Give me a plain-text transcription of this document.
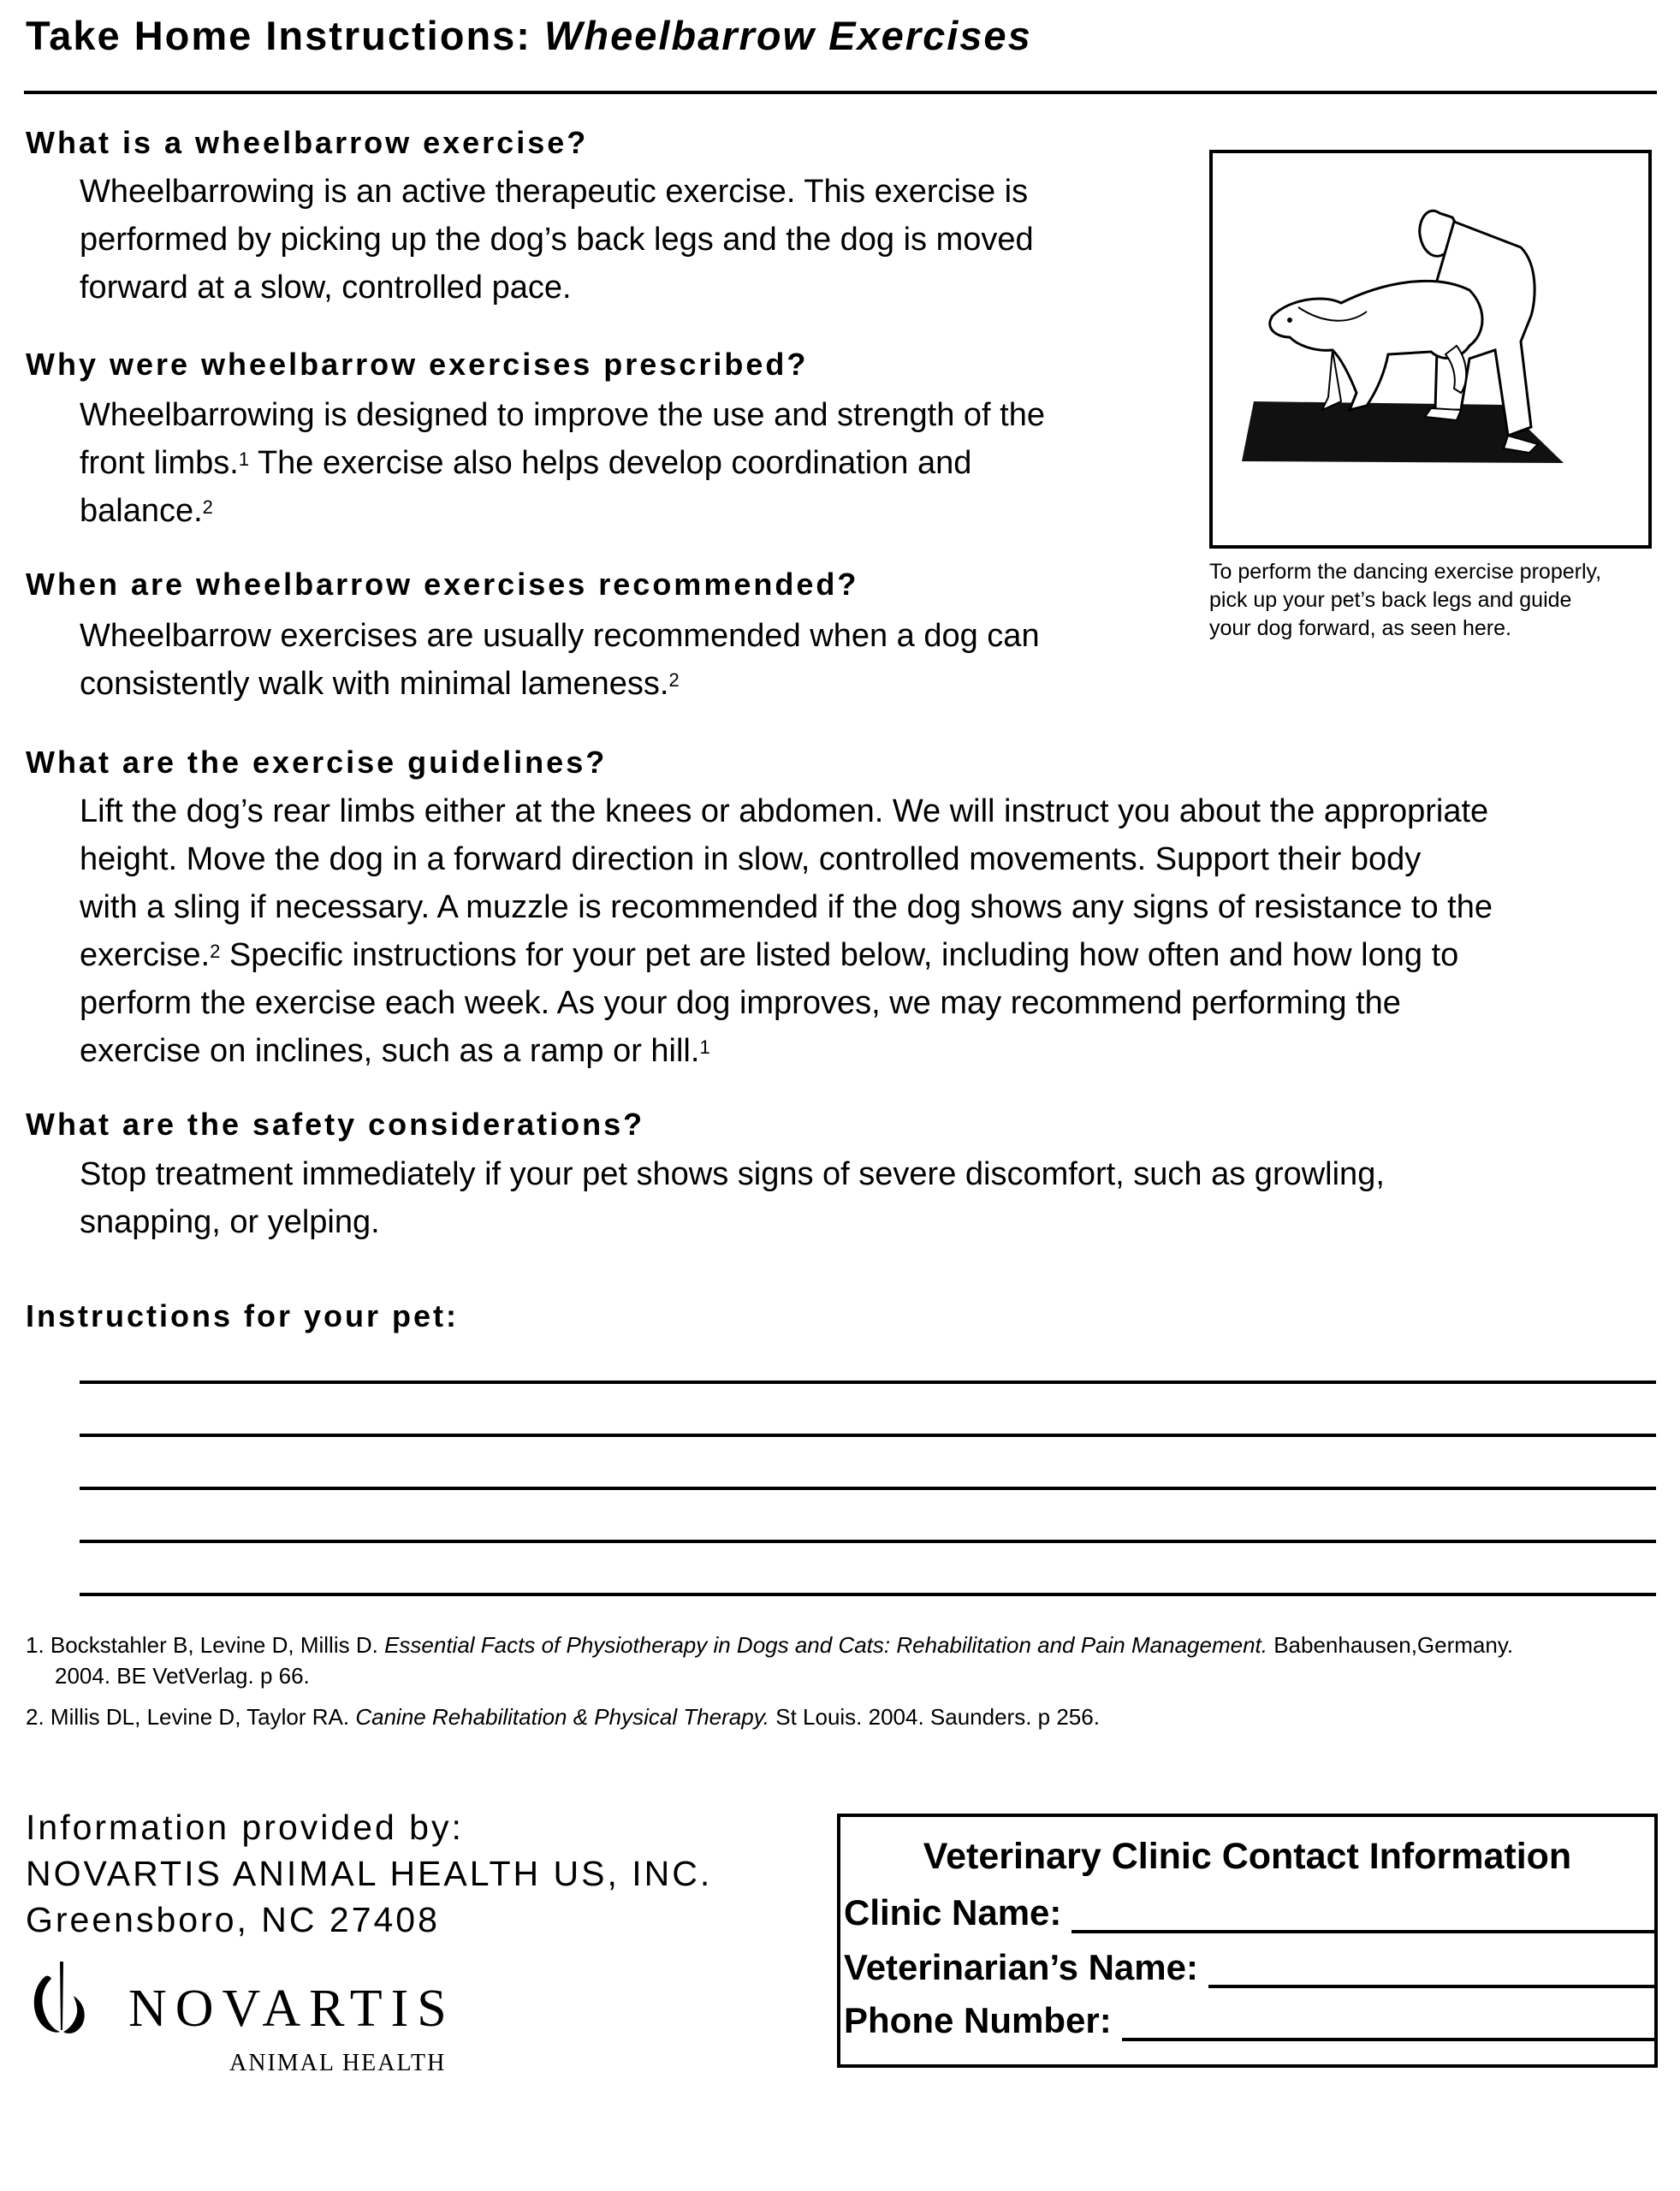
Take Home Instructions: Wheelbarrow Exercises
What is a wheelbarrow exercise?
Wheelbarrowing is an active therapeutic exercise. This exercise is
performed by picking up the dog’s back legs and the dog is moved
forward at a slow, controlled pace.
Why were wheelbarrow exercises prescribed?
Wheelbarrowing is designed to improve the use and strength of the
front limbs.$^1$ The exercise also helps develop coordination and
balance.$^2$
When are wheelbarrow exercises recommended?
Wheelbarrow exercises are usually recommended when a dog can
consistently walk with minimal lameness.$^2$
To perform the dancing exercise properly,
pick up your pet’s back legs and guide
your dog forward, as seen here.
What are the exercise guidelines?
Lift the dog’s rear limbs either at the knees or abdomen. We will instruct you about the appropriate
height. Move the dog in a forward direction in slow, controlled movements. Support their body
with a sling if necessary. A muzzle is recommended if the dog shows any signs of resistance to the
exercise.$^2$ Specific instructions for your pet are listed below, including how often and how long to
perform the exercise each week. As your dog improves, we may recommend performing the
exercise on inclines, such as a ramp or hill.$^1$
What are the safety considerations?
Stop treatment immediately if your pet shows signs of severe discomfort, such as growling,
snapping, or yelping.
Instructions for your pet:
1. Bockstahler B, Levine D, Millis D. Essential Facts of Physiotherapy in Dogs and Cats: Rehabilitation and Pain Management. Babenhausen,Germany.
2004. BE VetVerlag. p 66.
2. Millis DL, Levine D, Taylor RA. Canine Rehabilitation & Physical Therapy. St Louis. 2004. Saunders. p 256.
Information provided by:
NOVARTIS ANIMAL HEALTH US, INC.
Greensboro, NC 27408
NOVARTIS
ANIMAL HEALTH
Veterinary Clinic Contact Information
Clinic Name:
Veterinarian’s Name:
Phone Number:
